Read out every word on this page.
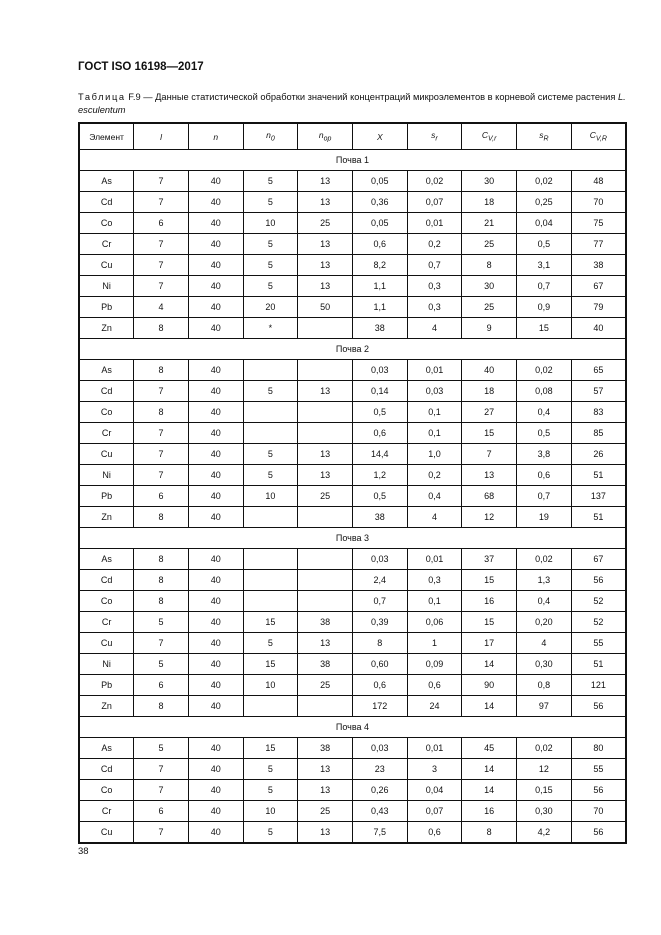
ГОСТ ISO 16198—2017
Таблица F.9 — Данные статистической обработки значений концентраций микроэлементов в корневой системе растения L. esculentum
Элемент	l	n	$n_0$	$n_{op}$	X	$s_r$	$C_{V,r}$	$s_R$	$C_{V,R}$
Почва 1									
As	7	40	5	13	0,05	0,02	30	0,02	48
Cd	7	40	5	13	0,36	0,07	18	0,25	70
Co	6	40	10	25	0,05	0,01	21	0,04	75
Cr	7	40	5	13	0,6	0,2	25	0,5	77
Cu	7	40	5	13	8,2	0,7	8	3,1	38
Ni	7	40	5	13	1,1	0,3	30	0,7	67
Pb	4	40	20	50	1,1	0,3	25	0,9	79
Zn	8	40	*		38	4	9	15	40
Почва 2									
As	8	40			0,03	0,01	40	0,02	65
Cd	7	40	5	13	0,14	0,03	18	0,08	57
Co	8	40			0,5	0,1	27	0,4	83
Cr	7	40			0,6	0,1	15	0,5	85
Cu	7	40	5	13	14,4	1,0	7	3,8	26
Ni	7	40	5	13	1,2	0,2	13	0,6	51
Pb	6	40	10	25	0,5	0,4	68	0,7	137
Zn	8	40			38	4	12	19	51
Почва 3									
As	8	40			0,03	0,01	37	0,02	67
Cd	8	40			2,4	0,3	15	1,3	56
Co	8	40			0,7	0,1	16	0,4	52
Cr	5	40	15	38	0,39	0,06	15	0,20	52
Cu	7	40	5	13	8	1	17	4	55
Ni	5	40	15	38	0,60	0,09	14	0,30	51
Pb	6	40	10	25	0,6	0,6	90	0,8	121
Zn	8	40			172	24	14	97	56
Почва 4									
As	5	40	15	38	0,03	0,01	45	0,02	80
Cd	7	40	5	13	23	3	14	12	55
Co	7	40	5	13	0,26	0,04	14	0,15	56
Cr	6	40	10	25	0,43	0,07	16	0,30	70
Cu	7	40	5	13	7,5	0,6	8	4,2	56
38
